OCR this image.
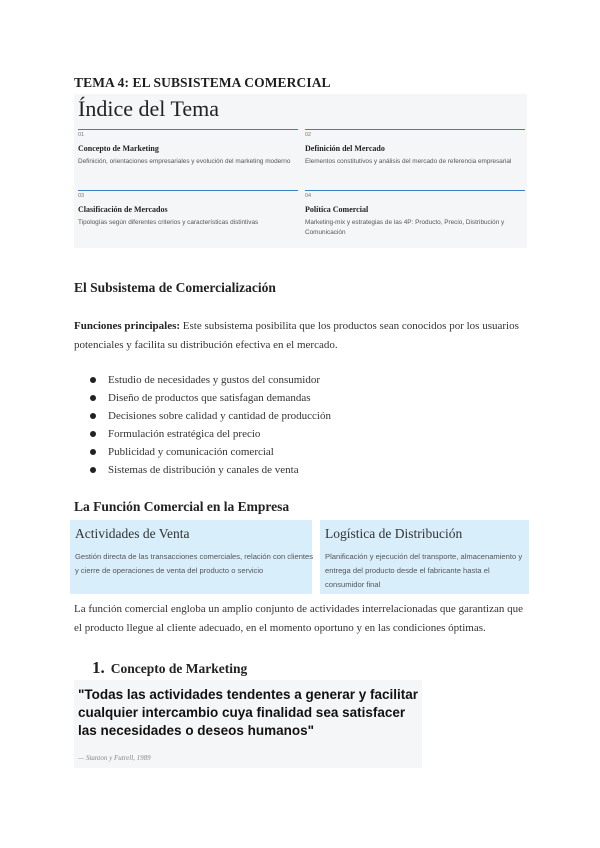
TEMA 4: EL SUBSISTEMA COMERCIAL
Índice del Tema
01
Concepto de Marketing
Definición, orientaciones empresariales y evolución del marketing moderno
02
Definición del Mercado
Elementos constitutivos y análisis del mercado de referencia empresarial
03
Clasificación de Mercados
Tipologías según diferentes criterios y características distintivas
04
Política Comercial
Marketing-mix y estrategias de las 4P: Producto, Precio, Distribución y Comunicación
El Subsistema de Comercialización

Funciones principales: Este subsistema posibilita que los productos sean conocidos por los usuarios potenciales y facilita su distribución efectiva en el mercado.

Estudio de necesidades y gustos del consumidor
Diseño de productos que satisfagan demandas
Decisiones sobre calidad y cantidad de producción
Formulación estratégica del precio
Publicidad y comunicación comercial
Sistemas de distribución y canales de venta
La Función Comercial en la Empresa
Actividades de Venta
Gestión directa de las transacciones comerciales, relación con clientes y cierre de operaciones de venta del producto o servicio
Logística de Distribución
Planificación y ejecución del transporte, almacenamiento y entrega del producto desde el fabricante hasta el consumidor final

La función comercial engloba un amplio conjunto de actividades interrelacionadas que garantizan que el producto llegue al cliente adecuado, en el momento oportuno y en las condiciones óptimas.

1. Concepto de Marketing
"Todas las actividades tendentes a generar y facilitar cualquier intercambio cuya finalidad sea satisfacer las necesidades o deseos humanos"
— Stanton y Futrell, 1989
